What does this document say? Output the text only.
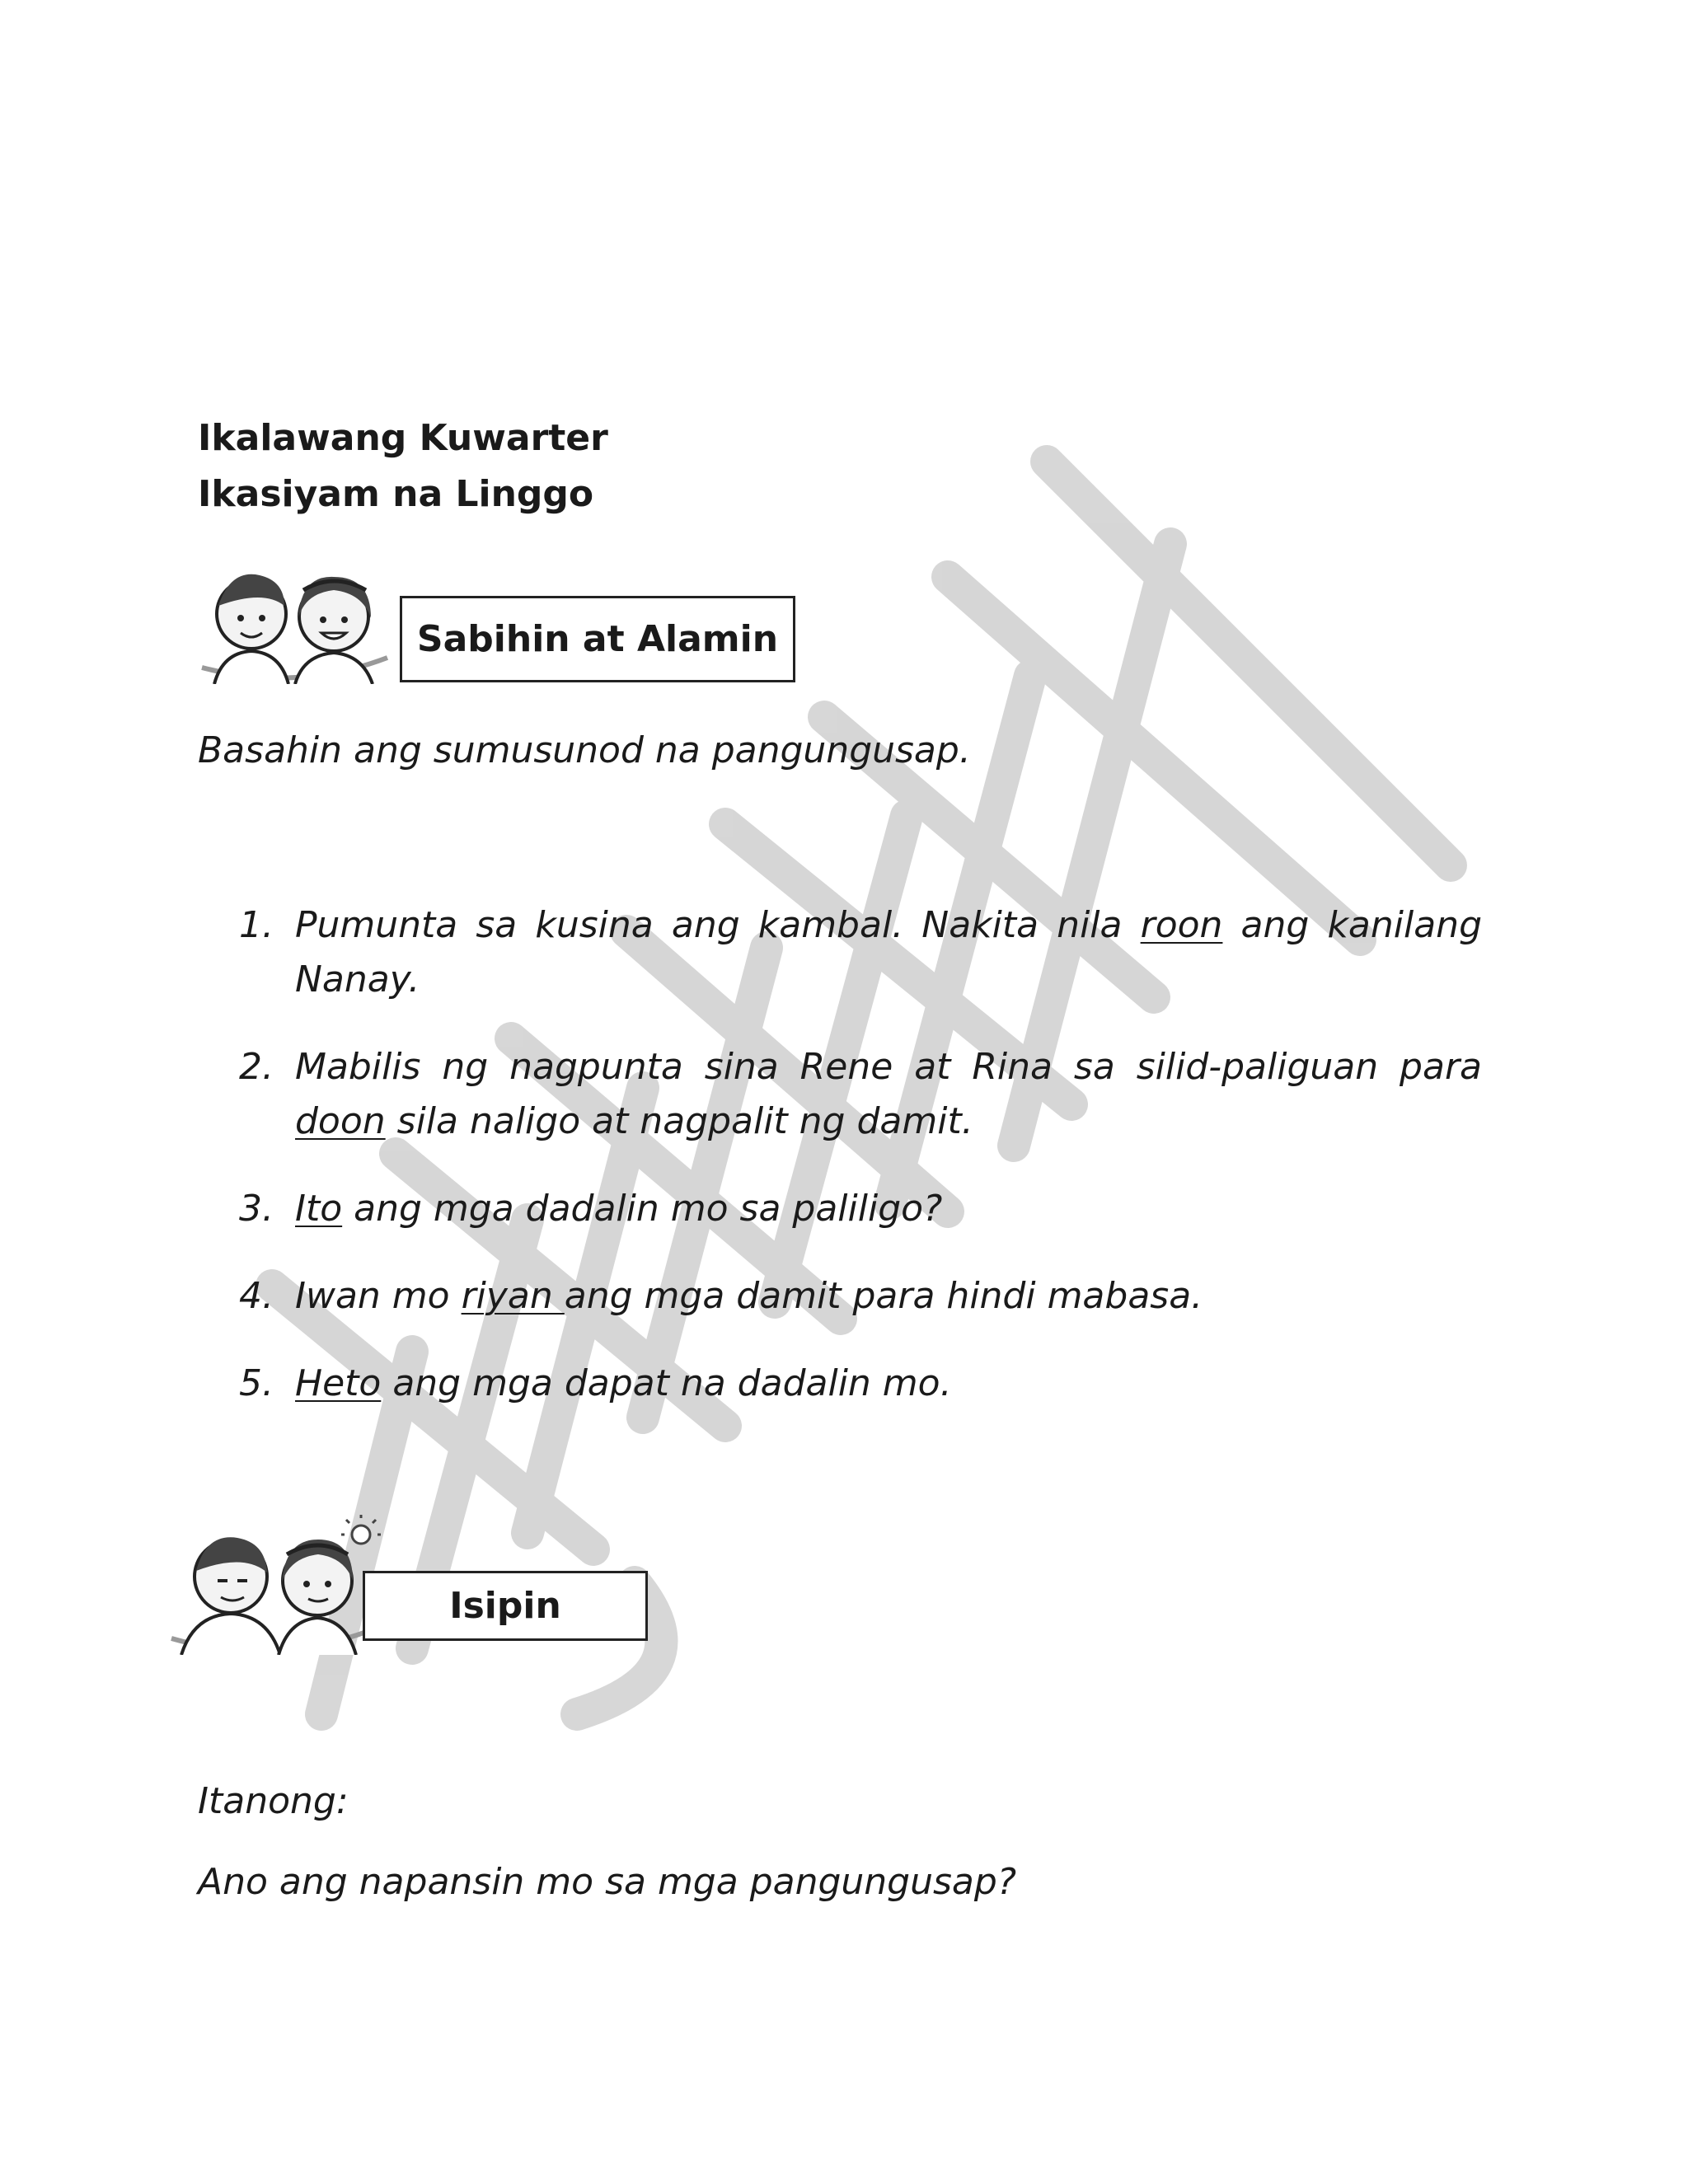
Ikalawang Kuwarter
Ikasiyam na Linggo
Sabihin at Alamin
Basahin ang sumusunod na pangungusap.
1. Pumunta sa kusina ang kambal. Nakita nila roon ang kanilang Nanay.
2. Mabilis ng nagpunta sina Rene at Rina sa silid-paliguan para doon sila naligo at nagpalit ng damit.
3. Ito ang mga dadalin mo sa paliligo?
4. Iwan mo riyan ang mga damit para hindi mabasa.
5. Heto ang mga dapat na dadalin mo.
Isipin
Itanong:
Ano ang napansin mo sa mga pangungusap?
